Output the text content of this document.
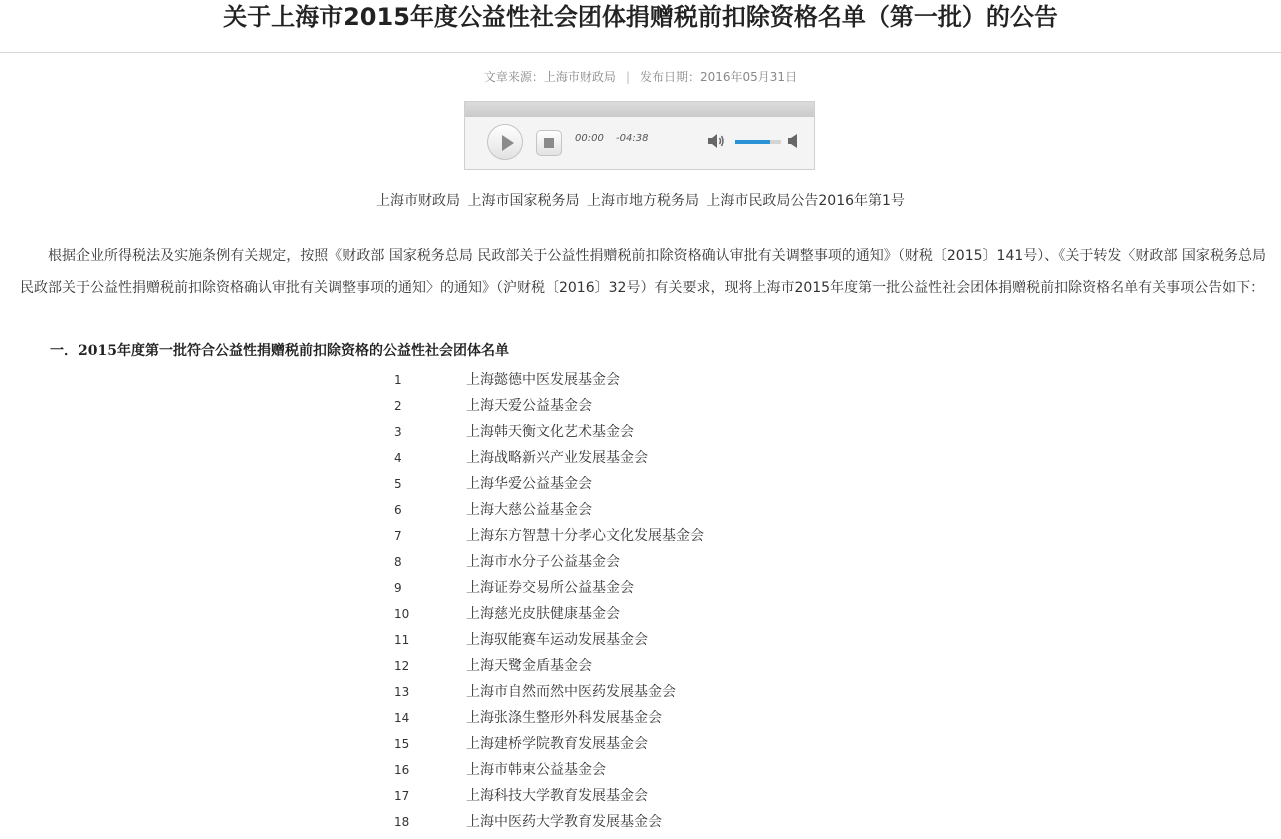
关于上海市2015年度公益性社会团体捐赠税前扣除资格名单（第一批）的公告
文章来源：上海市财政局 | 发布日期：2016年05月31日
00:00 -04:38
上海市财政局 上海市国家税务局 上海市地方税务局 上海市民政局公告2016年第1号

根据企业所得税法及实施条例有关规定，按照《财政部 国家税务总局 民政部关于公益性捐赠税前扣除资格确认审批有关调整事项的通知》（财税〔2015〕141号）、《关于转发〈财政部 国家税务总局 民政部关于公益性捐赠税前扣除资格确认审批有关调整事项的通知〉的通知》（沪财税〔2016〕32号）有关要求，现将上海市2015年度第一批公益性社会团体捐赠税前扣除资格名单有关事项公告如下：

一．2015年度第一批符合公益性捐赠税前扣除资格的公益性社会团体名单
1	上海懿德中医发展基金会
2	上海天爱公益基金会
3	上海韩天衡文化艺术基金会
4	上海战略新兴产业发展基金会
5	上海华爱公益基金会
6	上海大慈公益基金会
7	上海东方智慧十分孝心文化发展基金会
8	上海市水分子公益基金会
9	上海证券交易所公益基金会
10	上海慈光皮肤健康基金会
11	上海驭能赛车运动发展基金会
12	上海天鹭金盾基金会
13	上海市自然而然中医药发展基金会
14	上海张涤生整形外科发展基金会
15	上海建桥学院教育发展基金会
16	上海市韩束公益基金会
17	上海科技大学教育发展基金会
18	上海中医药大学教育发展基金会
